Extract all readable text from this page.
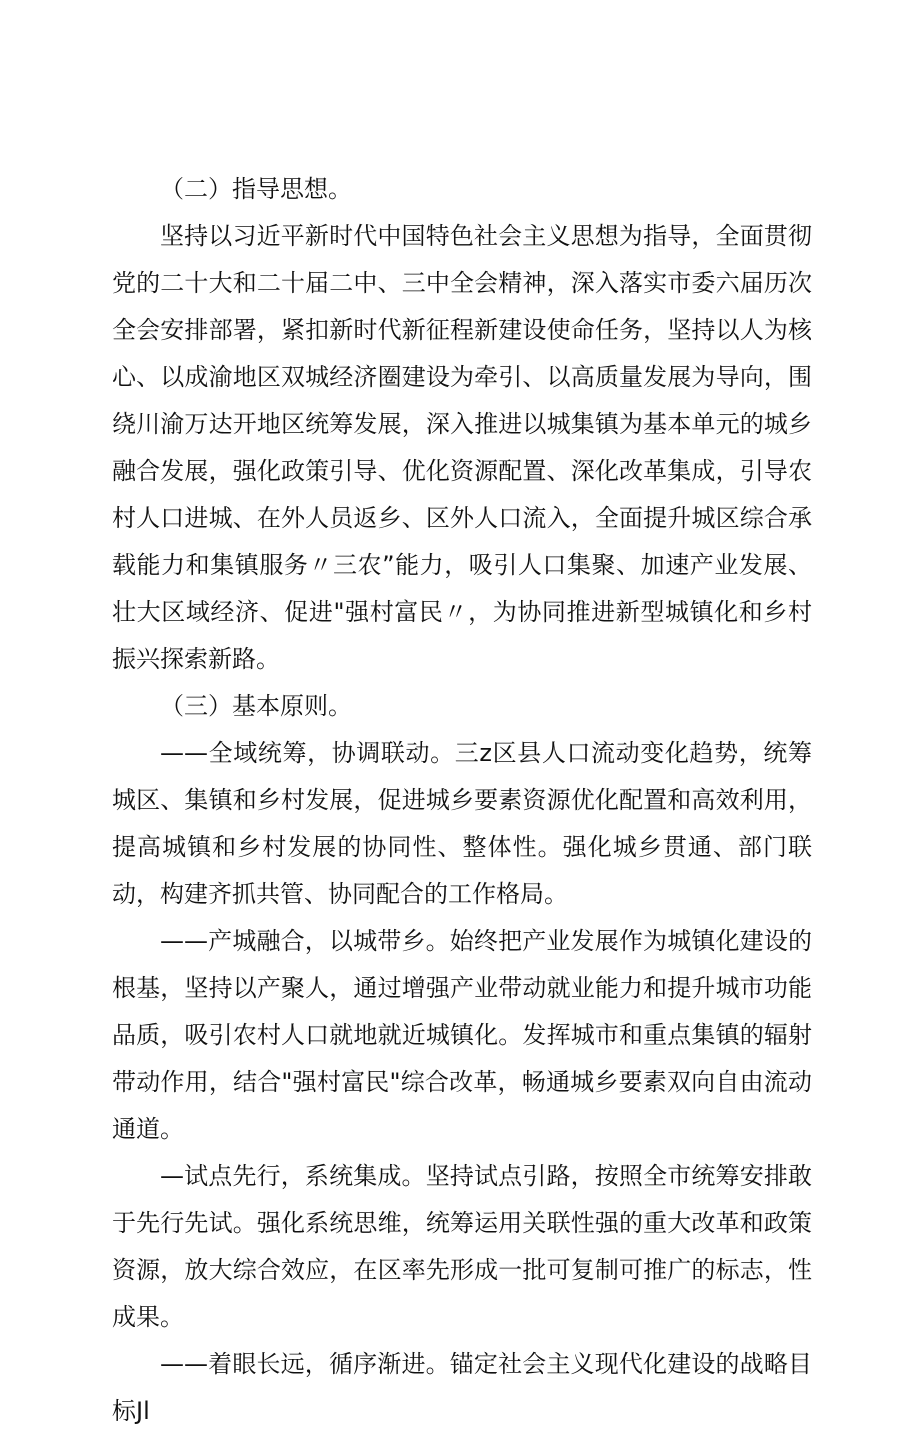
（二）指导思想。

坚持以习近平新时代中国特色社会主义思想为指导，全面贯彻党的二十大和二十届二中、三中全会精神，深入落实市委六届历次全会安排部署，紧扣新时代新征程新建设使命任务，坚持以人为核心、以成渝地区双城经济圈建设为牵引、以高质量发展为导向，围绕川渝万达开地区统筹发展，深入推进以城集镇为基本单元的城乡融合发展，强化政策引导、优化资源配置、深化改革集成，引导农村人口进城、在外人员返乡、区外人口流入，全面提升城区综合承载能力和集镇服务〃三农”能力，吸引人口集聚、加速产业发展、壮大区域经济、促进"强村富民〃，为协同推进新型城镇化和乡村振兴探索新路。

（三）基本原则。

——全域统筹，协调联动。三z区县人口流动变化趋势，统筹城区、集镇和乡村发展，促进城乡要素资源优化配置和高效利用，提高城镇和乡村发展的协同性、整体性。强化城乡贯通、部门联动，构建齐抓共管、协同配合的工作格局。

——产城融合，以城带乡。始终把产业发展作为城镇化建设的根基，坚持以产聚人，通过增强产业带动就业能力和提升城市功能品质，吸引农村人口就地就近城镇化。发挥城市和重点集镇的辐射带动作用，结合"强村富民"综合改革，畅通城乡要素双向自由流动通道。

—试点先行，系统集成。坚持试点引路，按照全市统筹安排敢于先行先试。强化系统思维，统筹运用关联性强的重大改革和政策资源，放大综合效应，在区率先形成一批可复制可推广的标志，性成果。

——着眼长远，循序渐进。锚定社会主义现代化建设的战略目标Jl
